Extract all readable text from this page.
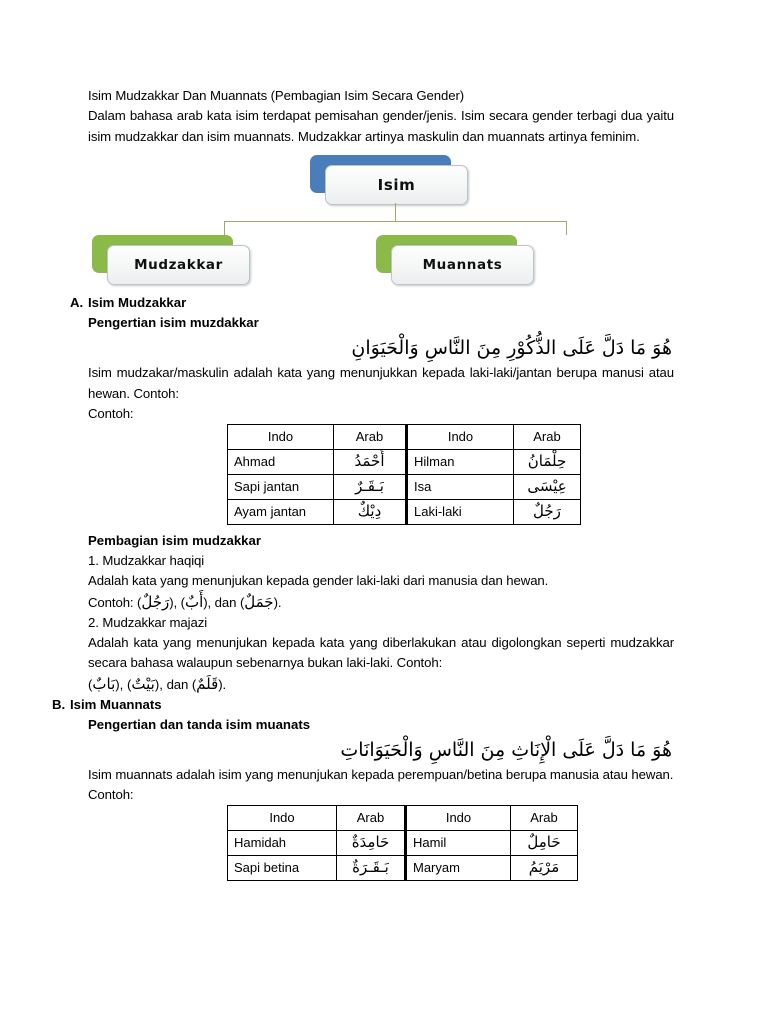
Isim Mudzakkar Dan Muannats (Pembagian Isim Secara Gender)
Dalam bahasa arab kata isim terdapat pemisahan gender/jenis. Isim secara gender terbagi dua yaitu isim mudzakkar dan isim muannats. Mudzakkar artinya maskulin dan muannats artinya feminim.
Isim
Mudzakkar	Muannats
A. Isim Mudzakkar
Pengertian isim muzdakkar
هُوَ مَا دَلَّ عَلَى الذُّكُوْرِ مِنَ النَّاسِ وَالْحَيَوَانِ
Isim mudzakar/maskulin adalah kata yang menunjukkan kepada laki-laki/jantan berupa manusi atau hewan. Contoh:
Contoh:
Indo	Arab	Indo	Arab
Ahmad	أَحْمَدُ	Hilman	حِلْمَانُ
Sapi jantan	بَـقَـرٌ	Isa	عِيْسَى
Ayam jantan	دِيْكٌ	Laki-laki	رَجُلٌ
Pembagian isim mudzakkar
1. Mudzakkar haqiqi
Adalah kata yang menunjukan kepada gender laki-laki dari manusia dan hewan.
Contoh: (رَجُلٌ), (أَبٌ), dan (جَمَلٌ).
2. Mudzakkar majazi
Adalah kata yang menunjukan kepada kata yang diberlakukan atau digolongkan seperti mudzakkar secara bahasa walaupun sebenarnya bukan laki-laki. Contoh:
(بَابٌ), (بَيْتٌ), dan (قَلَمٌ).
B. Isim Muannats
Pengertian dan tanda isim muanats
هُوَ مَا دَلَّ عَلَى الْإِنَاثِ مِنَ النَّاسِ وَالْحَيَوَانَاتِ
Isim muannats adalah isim yang menunjukan kepada perempuan/betina berupa manusia atau hewan.
Contoh:
Indo	Arab	Indo	Arab
Hamidah	حَامِدَةٌ	Hamil	حَامِلٌ
Sapi betina	بَـقَـرَةٌ	Maryam	مَرْيَمُ
